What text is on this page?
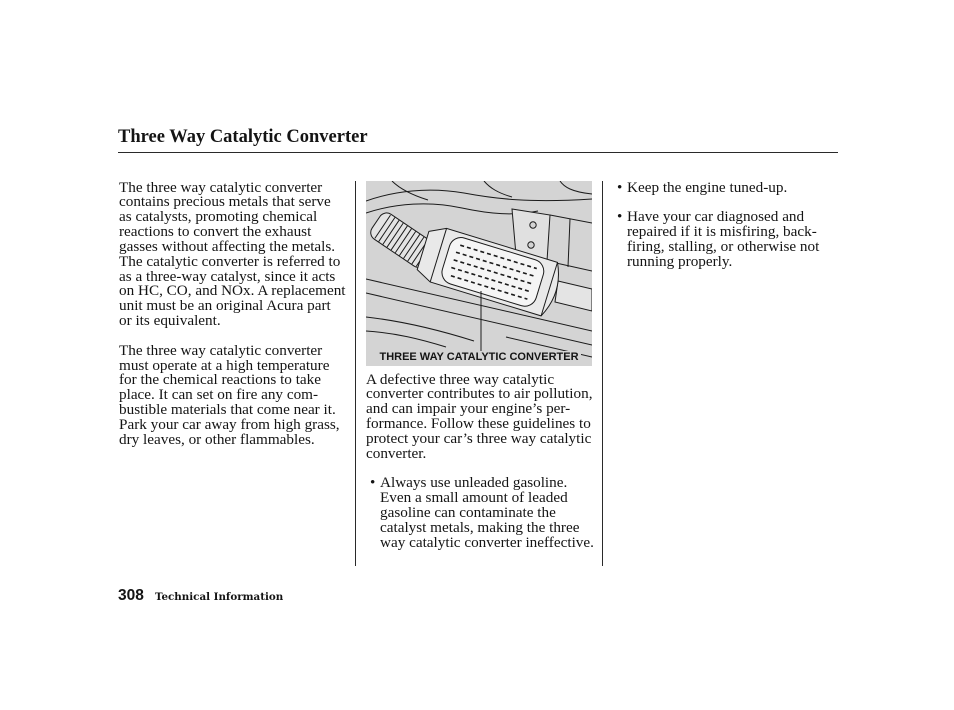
Three Way Catalytic Converter

The three way catalytic converter
contains precious metals that serve
as catalysts, promoting chemical
reactions to convert the exhaust
gasses without affecting the metals.
The catalytic converter is referred to
as a three-way catalyst, since it acts
on HC, CO, and NOx. A replacement
unit must be an original Acura part
or its equivalent.

The three way catalytic converter
must operate at a high temperature
for the chemical reactions to take
place. It can set on fire any com-
bustible materials that come near it.
Park your car away from high grass,
dry leaves, or other flammables.

THREE WAY CATALYTIC CONVERTER

A defective three way catalytic
converter contributes to air pollution,
and can impair your engine’s per-
formance. Follow these guidelines to
protect your car’s three way catalytic
converter.

• Always use unleaded gasoline.
Even a small amount of leaded
gasoline can contaminate the
catalyst metals, making the three
way catalytic converter ineffective.
• Keep the engine tuned-up.
• Have your car diagnosed and
repaired if it is misfiring, back-
firing, stalling, or otherwise not
running properly.
308 Technical Information
